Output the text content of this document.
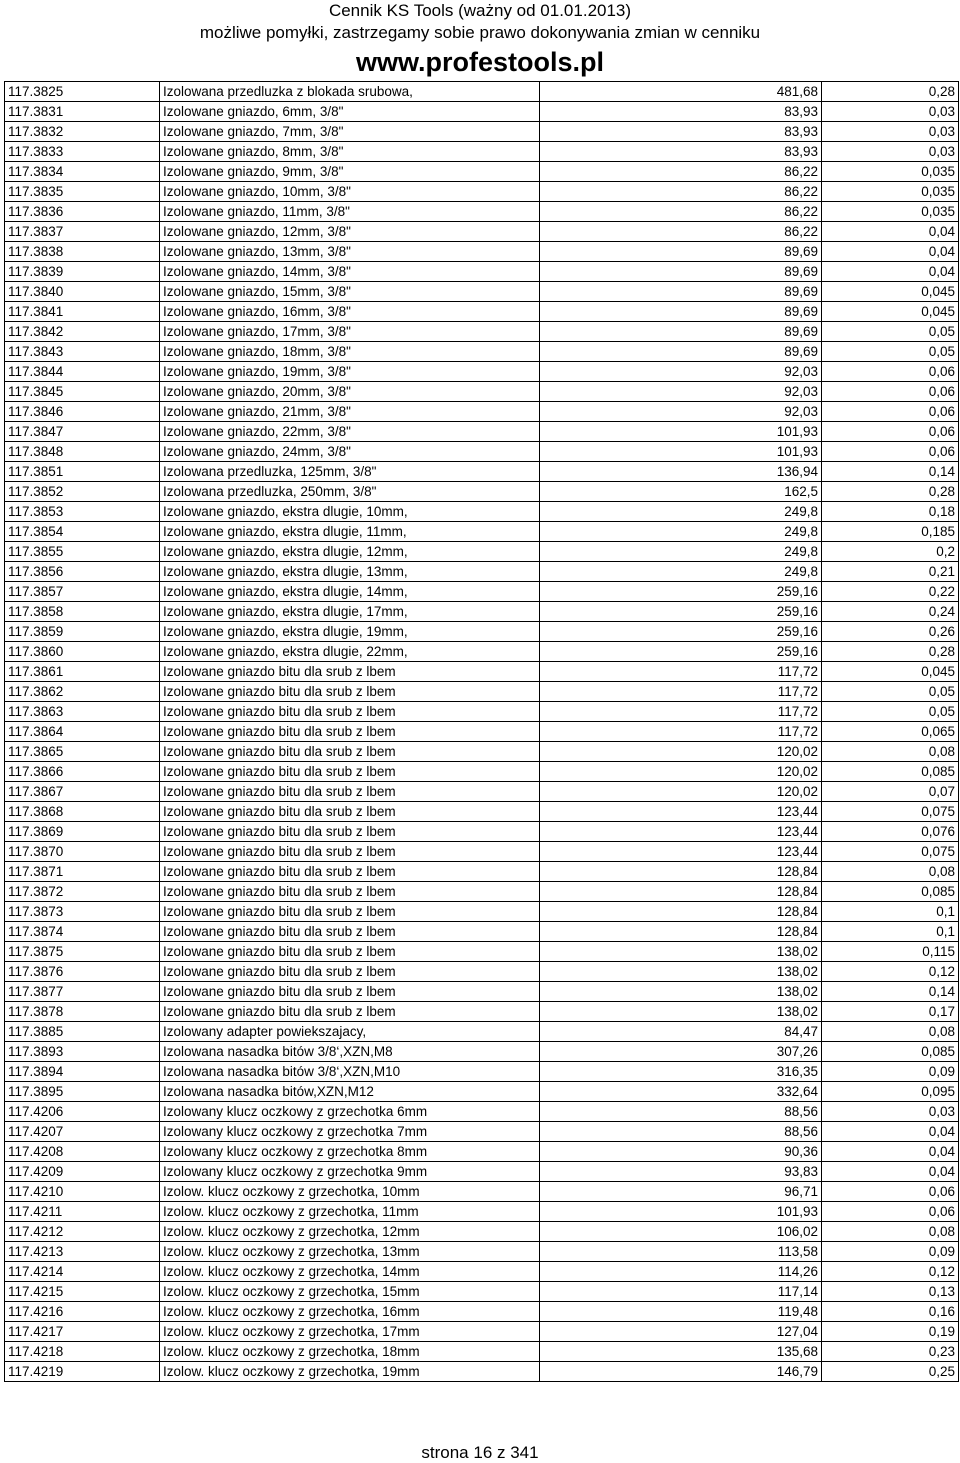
Cennik KS Tools (ważny od 01.01.2013)
możliwe pomyłki, zastrzegamy sobie prawo dokonywania zmian w cenniku
www.profestools.pl
117.3825	Izolowana przedluzka z blokada srubowa,	481,68	0,28
117.3831	Izolowane gniazdo, 6mm, 3/8"	83,93	0,03
117.3832	Izolowane gniazdo, 7mm, 3/8"	83,93	0,03
117.3833	Izolowane gniazdo, 8mm, 3/8"	83,93	0,03
117.3834	Izolowane gniazdo, 9mm, 3/8"	86,22	0,035
117.3835	Izolowane gniazdo, 10mm, 3/8"	86,22	0,035
117.3836	Izolowane gniazdo, 11mm, 3/8"	86,22	0,035
117.3837	Izolowane gniazdo, 12mm, 3/8"	86,22	0,04
117.3838	Izolowane gniazdo, 13mm, 3/8"	89,69	0,04
117.3839	Izolowane gniazdo, 14mm, 3/8"	89,69	0,04
117.3840	Izolowane gniazdo, 15mm, 3/8"	89,69	0,045
117.3841	Izolowane gniazdo, 16mm, 3/8"	89,69	0,045
117.3842	Izolowane gniazdo, 17mm, 3/8"	89,69	0,05
117.3843	Izolowane gniazdo, 18mm, 3/8"	89,69	0,05
117.3844	Izolowane gniazdo, 19mm, 3/8"	92,03	0,06
117.3845	Izolowane gniazdo, 20mm, 3/8"	92,03	0,06
117.3846	Izolowane gniazdo, 21mm, 3/8"	92,03	0,06
117.3847	Izolowane gniazdo, 22mm, 3/8"	101,93	0,06
117.3848	Izolowane gniazdo, 24mm, 3/8"	101,93	0,06
117.3851	Izolowana przedluzka, 125mm, 3/8"	136,94	0,14
117.3852	Izolowana przedluzka, 250mm, 3/8"	162,5	0,28
117.3853	Izolowane gniazdo, ekstra dlugie, 10mm,	249,8	0,18
117.3854	Izolowane gniazdo, ekstra dlugie, 11mm,	249,8	0,185
117.3855	Izolowane gniazdo, ekstra dlugie, 12mm,	249,8	0,2
117.3856	Izolowane gniazdo, ekstra dlugie, 13mm,	249,8	0,21
117.3857	Izolowane gniazdo, ekstra dlugie, 14mm,	259,16	0,22
117.3858	Izolowane gniazdo, ekstra dlugie, 17mm,	259,16	0,24
117.3859	Izolowane gniazdo, ekstra dlugie, 19mm,	259,16	0,26
117.3860	Izolowane gniazdo, ekstra dlugie, 22mm,	259,16	0,28
117.3861	Izolowane gniazdo bitu dla srub z lbem	117,72	0,045
117.3862	Izolowane gniazdo bitu dla srub z lbem	117,72	0,05
117.3863	Izolowane gniazdo bitu dla srub z lbem	117,72	0,05
117.3864	Izolowane gniazdo bitu dla srub z lbem	117,72	0,065
117.3865	Izolowane gniazdo bitu dla srub z lbem	120,02	0,08
117.3866	Izolowane gniazdo bitu dla srub z lbem	120,02	0,085
117.3867	Izolowane gniazdo bitu dla srub z lbem	120,02	0,07
117.3868	Izolowane gniazdo bitu dla srub z lbem	123,44	0,075
117.3869	Izolowane gniazdo bitu dla srub z lbem	123,44	0,076
117.3870	Izolowane gniazdo bitu dla srub z lbem	123,44	0,075
117.3871	Izolowane gniazdo bitu dla srub z lbem	128,84	0,08
117.3872	Izolowane gniazdo bitu dla srub z lbem	128,84	0,085
117.3873	Izolowane gniazdo bitu dla srub z lbem	128,84	0,1
117.3874	Izolowane gniazdo bitu dla srub z lbem	128,84	0,1
117.3875	Izolowane gniazdo bitu dla srub z lbem	138,02	0,115
117.3876	Izolowane gniazdo bitu dla srub z lbem	138,02	0,12
117.3877	Izolowane gniazdo bitu dla srub z lbem	138,02	0,14
117.3878	Izolowane gniazdo bitu dla srub z lbem	138,02	0,17
117.3885	Izolowany adapter powiekszajacy,	84,47	0,08
117.3893	Izolowana nasadka bitów 3/8‘,XZN,M8	307,26	0,085
117.3894	Izolowana nasadka bitów 3/8‘,XZN,M10	316,35	0,09
117.3895	Izolowana nasadka bitów,XZN,M12	332,64	0,095
117.4206	Izolowany klucz oczkowy z grzechotka 6mm	88,56	0,03
117.4207	Izolowany klucz oczkowy z grzechotka 7mm	88,56	0,04
117.4208	Izolowany klucz oczkowy z grzechotka 8mm	90,36	0,04
117.4209	Izolowany klucz oczkowy z grzechotka 9mm	93,83	0,04
117.4210	Izolow. klucz oczkowy z grzechotka, 10mm	96,71	0,06
117.4211	Izolow. klucz oczkowy z grzechotka, 11mm	101,93	0,06
117.4212	Izolow. klucz oczkowy z grzechotka, 12mm	106,02	0,08
117.4213	Izolow. klucz oczkowy z grzechotka, 13mm	113,58	0,09
117.4214	Izolow. klucz oczkowy z grzechotka, 14mm	114,26	0,12
117.4215	Izolow. klucz oczkowy z grzechotka, 15mm	117,14	0,13
117.4216	Izolow. klucz oczkowy z grzechotka, 16mm	119,48	0,16
117.4217	Izolow. klucz oczkowy z grzechotka, 17mm	127,04	0,19
117.4218	Izolow. klucz oczkowy z grzechotka, 18mm	135,68	0,23
117.4219	Izolow. klucz oczkowy z grzechotka, 19mm	146,79	0,25
strona 16 z 341
